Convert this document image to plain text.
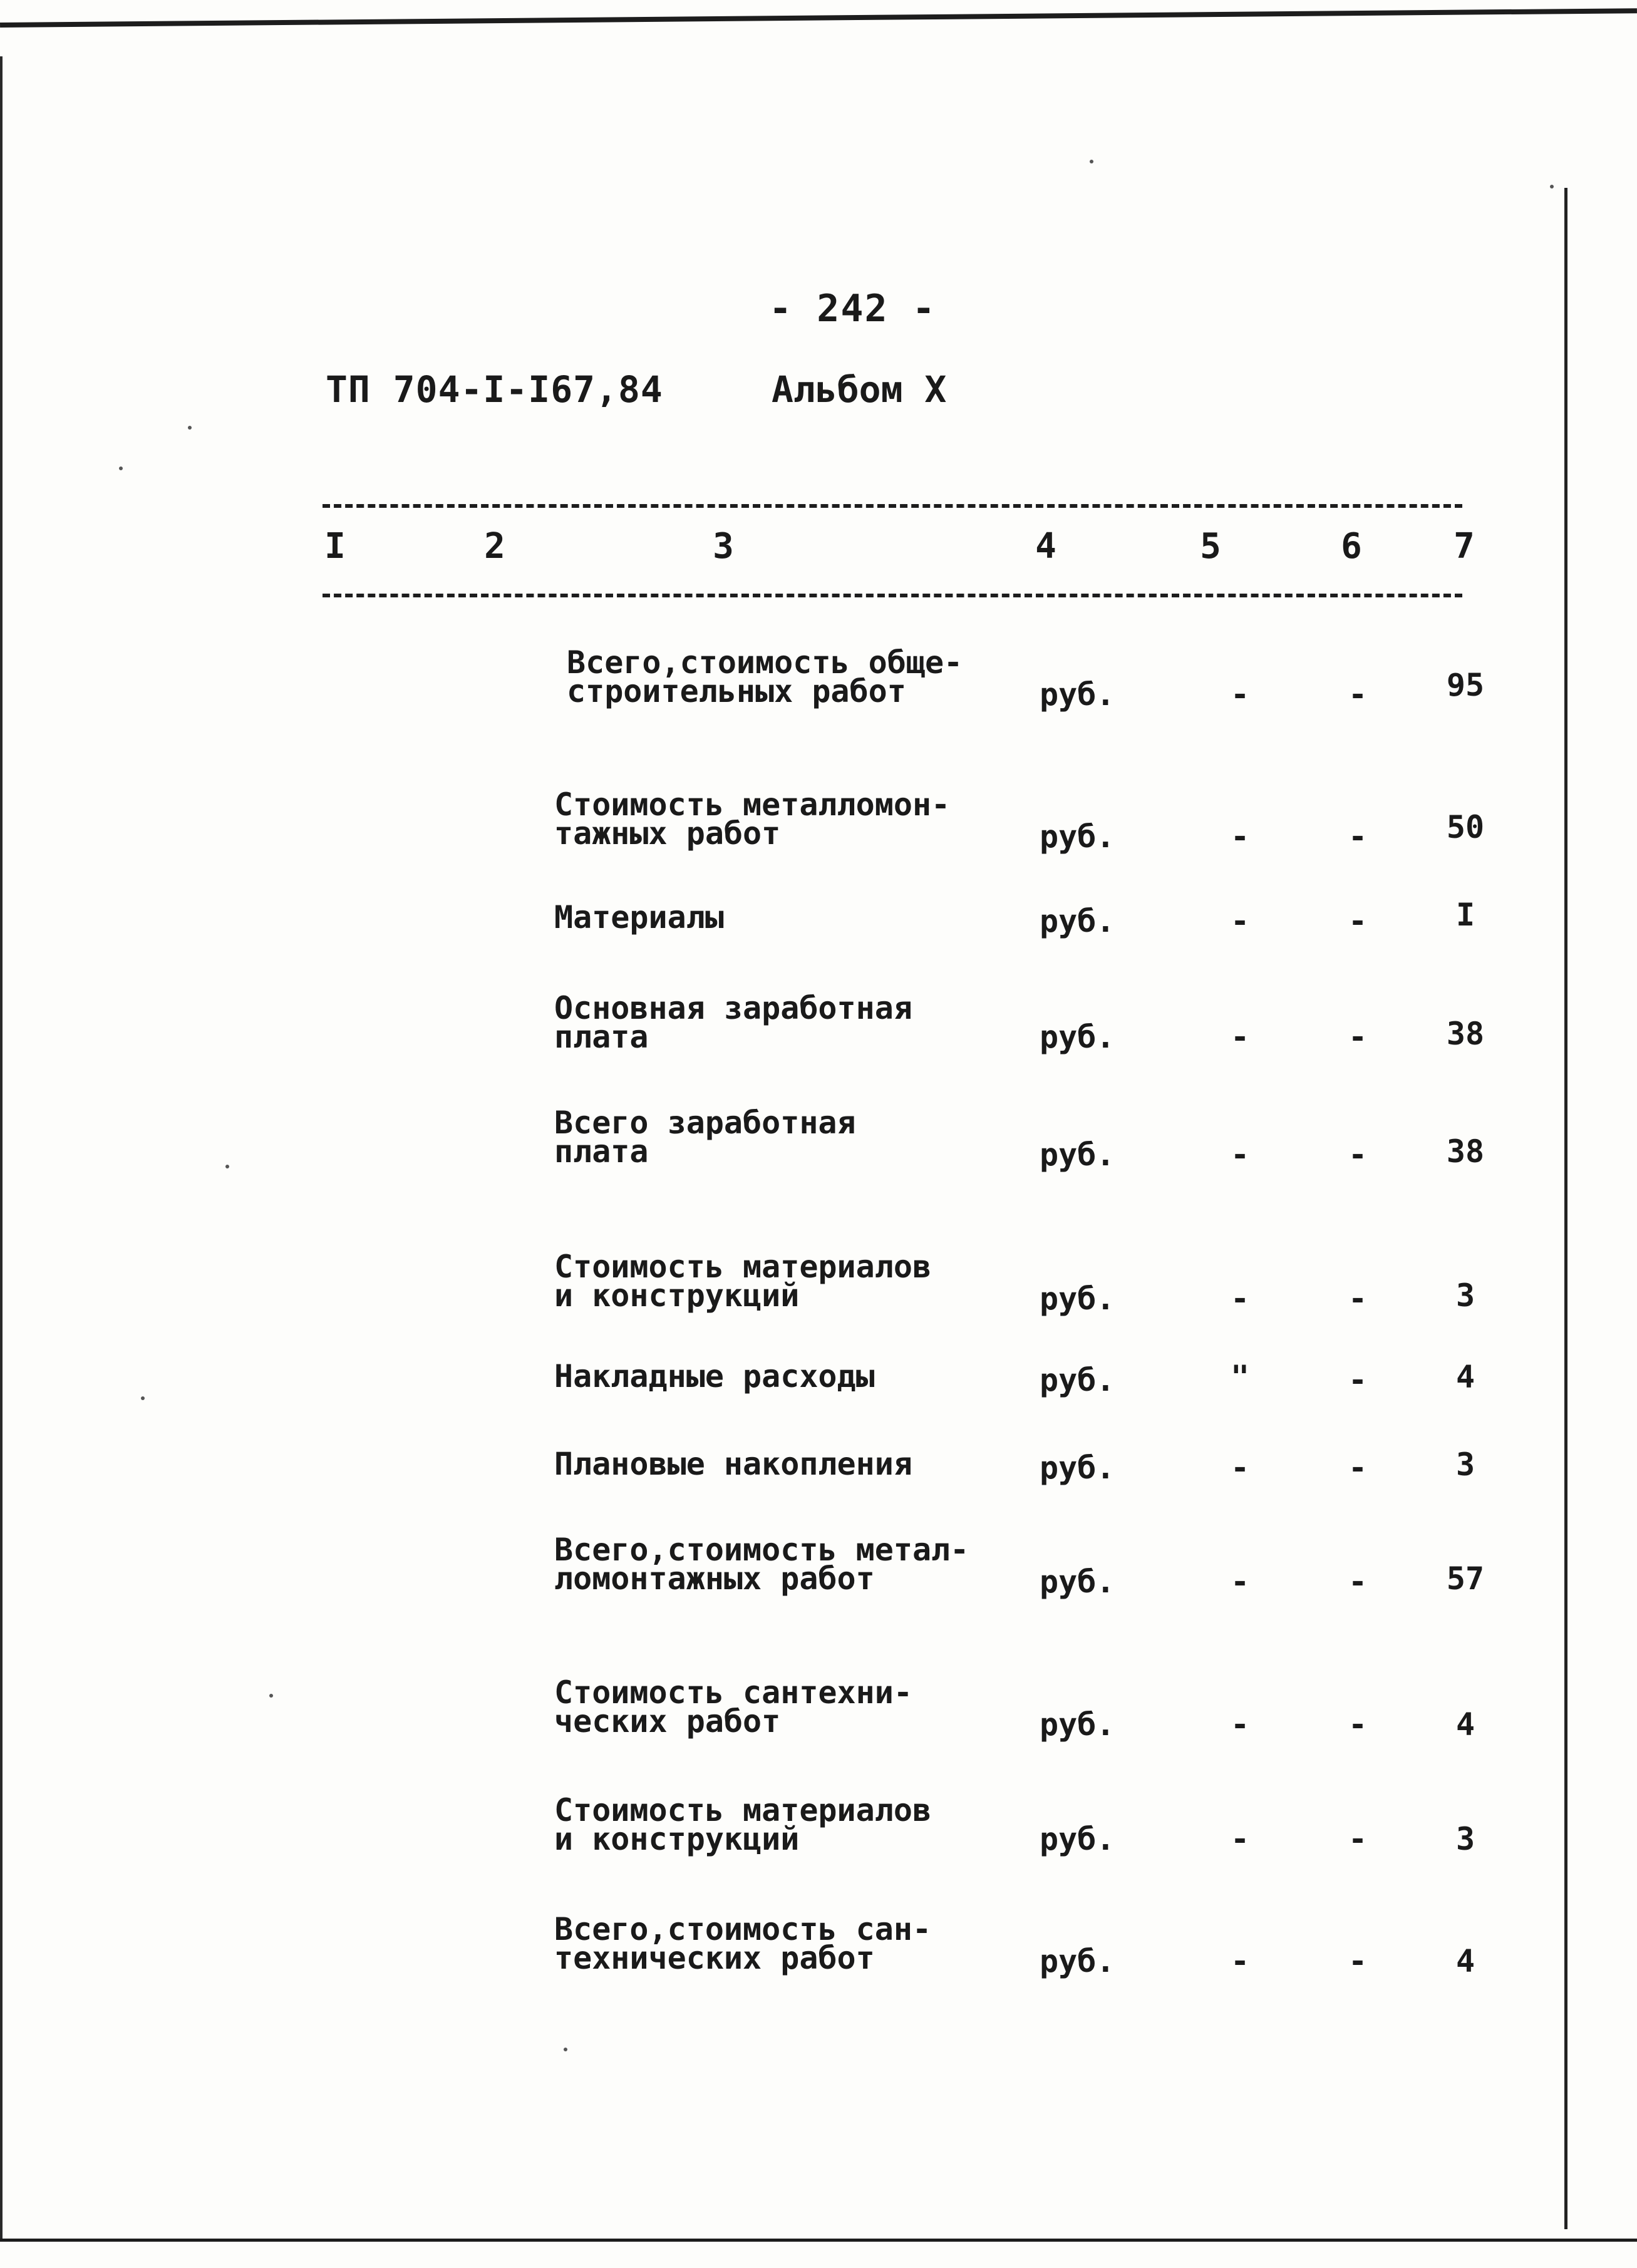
- 242 -
ТП 704-I-I67,84	Альбом X
I	2	3	4	5	6	7
Всего,стоимость обще-
строительных работ	руб.	-	-	95
Стоимость металломон-
тажных работ	руб.	-	-	50
Материалы	руб.	-	-	I
Основная заработная
плата	руб.	-	-	38
Всего заработная
плата	руб.	-	-	38
Стоимость материалов
и конструкций	руб.	-	-	3
Накладные расходы	руб.	"	-	4
Плановые накопления	руб.	-	-	3
Всего,стоимость метал-
ломонтажных работ	руб.	-	-	57
Стоимость сантехни-
ческих работ	руб.	-	-	4
Стоимость материалов
и конструкций	руб.	-	-	3
Всего,стоимость сан-
технических работ	руб.	-	-	4
